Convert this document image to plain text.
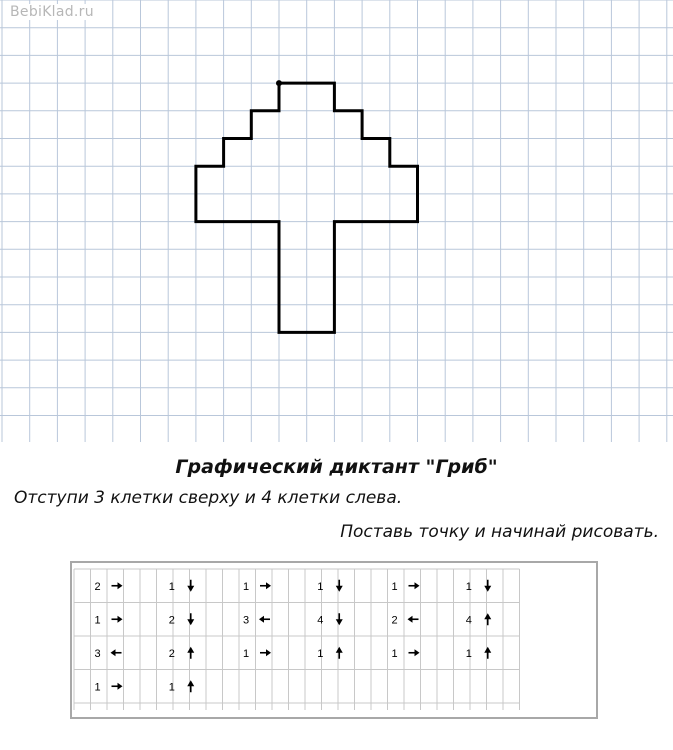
BebiKlad.ru
Графический диктант "Гриб"
Отступи 3 клетки сверху и 4 клетки слева.
Поставь точку и начинай рисовать.
2	1	1	1	1	1
1	2	3	4	2	4
3	2	1	1	1	1
1	1
